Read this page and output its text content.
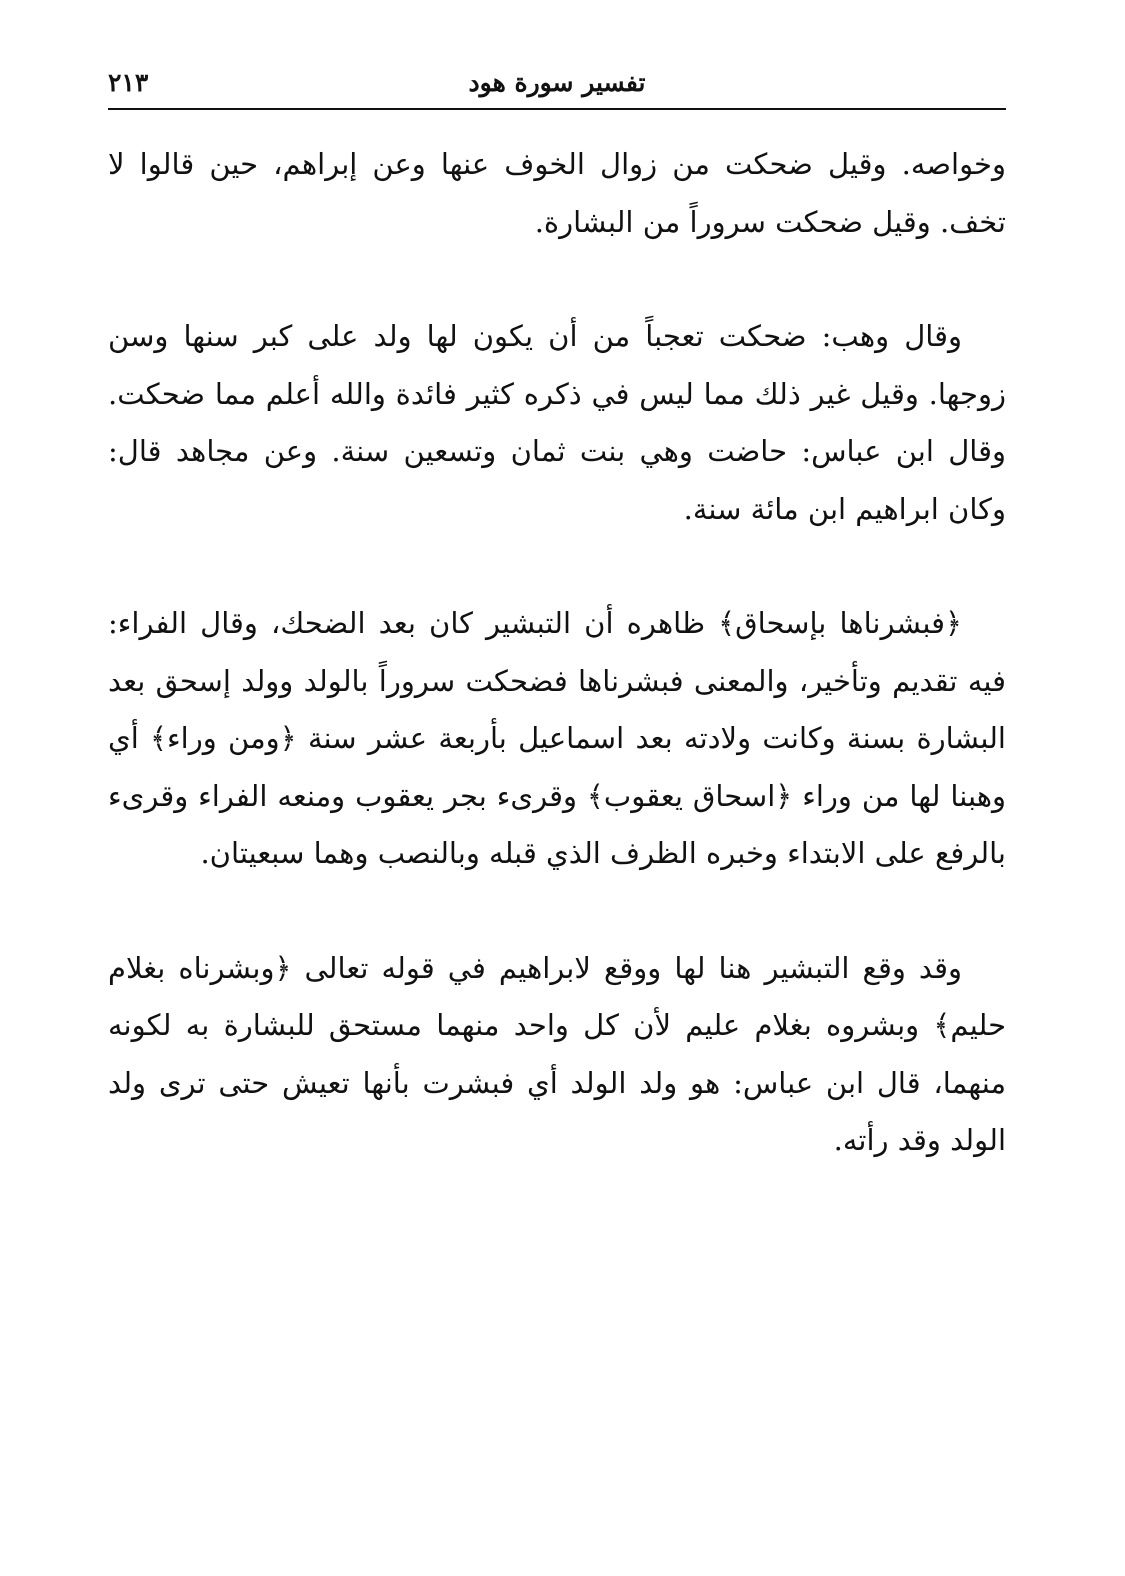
تفسير سورة هود
٢١٣

وخواصه. وقيل ضحكت من زوال الخوف عنها وعن إبراهم، حين قالوا لا تخف. وقيل ضحكت سروراً من البشارة.

وقال وهب: ضحكت تعجباً من أن يكون لها ولد على كبر سنها وسن زوجها. وقيل غير ذلك مما ليس في ذكره كثير فائدة والله أعلم مما ضحكت. وقال ابن عباس: حاضت وهي بنت ثمان وتسعين سنة. وعن مجاهد قال: وكان ابراهيم ابن مائة سنة.

﴿فبشرناها بإسحاق﴾ ظاهره أن التبشير كان بعد الضحك، وقال الفراء: فيه تقديم وتأخير، والمعنى فبشرناها فضحكت سروراً بالولد وولد إسحق بعد البشارة بسنة وكانت ولادته بعد اسماعيل بأربعة عشر سنة ﴿ومن وراء﴾ أي وهبنا لها من وراء ﴿اسحاق يعقوب﴾ وقرىء بجر يعقوب ومنعه الفراء وقرىء بالرفع على الابتداء وخبره الظرف الذي قبله وبالنصب وهما سبعيتان.

وقد وقع التبشير هنا لها ووقع لابراهيم في قوله تعالى ﴿وبشرناه بغلام حليم﴾ وبشروه بغلام عليم لأن كل واحد منهما مستحق للبشارة به لكونه منهما، قال ابن عباس: هو ولد الولد أي فبشرت بأنها تعيش حتى ترى ولد الولد وقد رأته.
